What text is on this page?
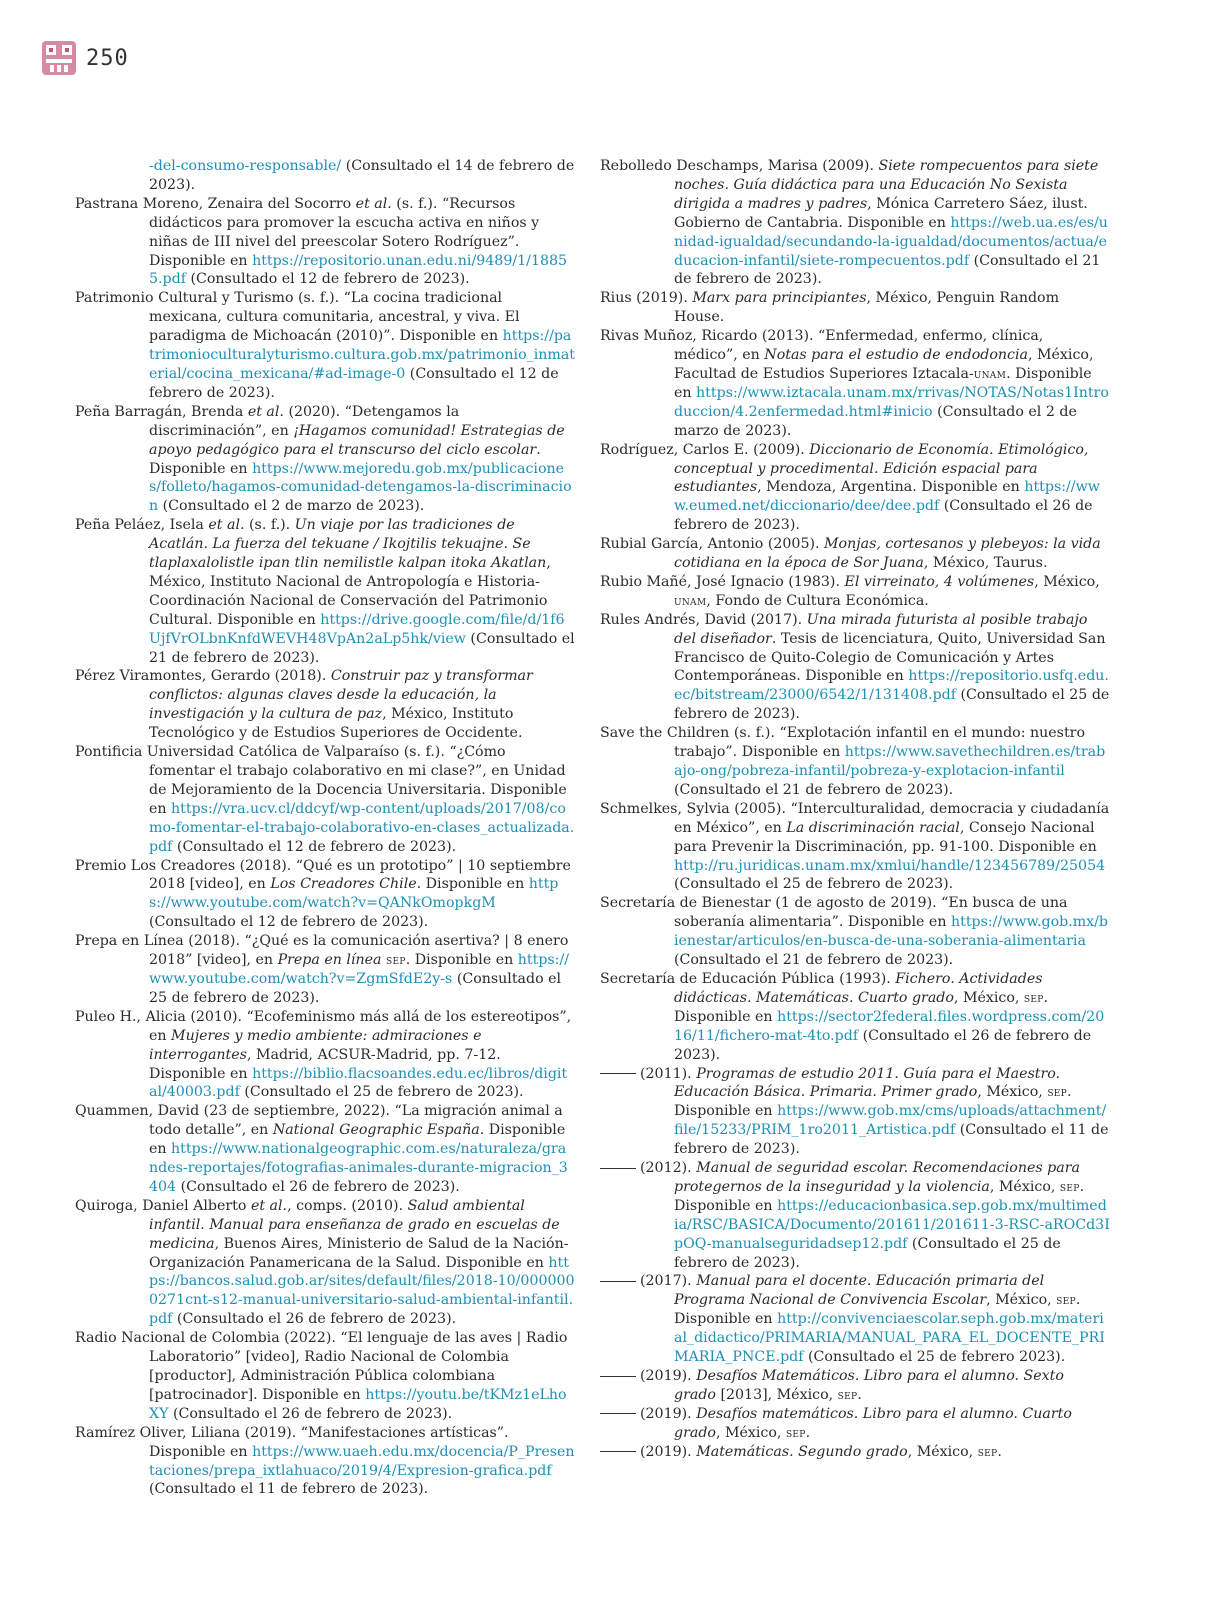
250

-del-consumo-responsable/ (Consultado el 14 de febrero de 2023).

Pastrana Moreno, Zenaira del Socorro et al. (s. f.). “Recursos didácticos para promover la escucha activa en niños y niñas de III nivel del preescolar Sotero Rodríguez”. Disponible en https://repositorio.unan.edu.ni/9489/1/18855.pdf (Consultado el 12 de febrero de 2023).

Patrimonio Cultural y Turismo (s. f.). “La cocina tradicional mexicana, cultura comunitaria, ancestral, y viva. El paradigma de Michoacán (2010)”. Disponible en https://patrimonioculturalyturismo.cultura.gob.mx/patrimonio_inmaterial/cocina_mexicana/#ad-image-0 (Consultado el 12 de febrero de 2023).

Peña Barragán, Brenda et al. (2020). “Detengamos la discriminación”, en ¡Hagamos comunidad! Estrategias de apoyo pedagógico para el transcurso del ciclo escolar. Disponible en https://www.mejoredu.gob.mx/publicaciones/folleto/hagamos-comunidad-detengamos-la-discriminacion (Consultado el 2 de marzo de 2023).

Peña Peláez, Isela et al. (s. f.). Un viaje por las tradiciones de Acatlán. La fuerza del tekuane / Ikojtilis tekuajne. Se tlaplaxalolistle ipan tlin nemilistle kalpan itoka Akatlan, México, Instituto Nacional de Antropología e Historia-Coordinación Nacional de Conservación del Patrimonio Cultural. Disponible en https://drive.google.com/file/d/1f6UjfVrOLbnKnfdWEVH48VpAn2aLp5hk/view (Consultado el 21 de febrero de 2023).

Pérez Viramontes, Gerardo (2018). Construir paz y transformar conflictos: algunas claves desde la educación, la investigación y la cultura de paz, México, Instituto Tecnológico y de Estudios Superiores de Occidente.

Pontificia Universidad Católica de Valparaíso (s. f.). “¿Cómo fomentar el trabajo colaborativo en mi clase?”, en Unidad de Mejoramiento de la Docencia Universitaria. Disponible en https://vra.ucv.cl/ddcyf/wp-content/uploads/2017/08/como-fomentar-el-trabajo-colaborativo-en-clases_actualizada.pdf (Consultado el 12 de febrero de 2023).

Premio Los Creadores (2018). “Qué es un prototipo” | 10 septiembre 2018 [video], en Los Creadores Chile. Disponible en https://www.youtube.com/watch?v=QANkOmopkgM (Consultado el 12 de febrero de 2023).

Prepa en Línea (2018). “¿Qué es la comunicación asertiva? | 8 enero 2018” [video], en Prepa en línea sep. Disponible en https://www.youtube.com/watch?v=ZgmSfdE2y-s (Consultado el 25 de febrero de 2023).

Puleo H., Alicia (2010). “Ecofeminismo más allá de los estereotipos”, en Mujeres y medio ambiente: admiraciones e interrogantes, Madrid, ACSUR-Madrid, pp. 7-12. Disponible en https://biblio.flacsoandes.edu.ec/libros/digital/40003.pdf (Consultado el 25 de febrero de 2023).

Quammen, David (23 de septiembre, 2022). “La migración animal a todo detalle”, en National Geographic España. Disponible en https://www.nationalgeographic.com.es/naturaleza/grandes-reportajes/fotografias-animales-durante-migracion_3404 (Consultado el 26 de febrero de 2023).

Quiroga, Daniel Alberto et al., comps. (2010). Salud ambiental infantil. Manual para enseñanza de grado en escuelas de medicina, Buenos Aires, Ministerio de Salud de la Nación-Organización Panamericana de la Salud. Disponible en https://bancos.salud.gob.ar/sites/default/files/2018-10/0000000271cnt-s12-manual-universitario-salud-ambiental-infantil.pdf (Consultado el 26 de febrero de 2023).

Radio Nacional de Colombia (2022). “El lenguaje de las aves | Radio Laboratorio” [video], Radio Nacional de Colombia [productor], Administración Pública colombiana [patrocinador]. Disponible en https://youtu.be/tKMz1eLhoXY (Consultado el 26 de febrero de 2023).

Ramírez Oliver, Liliana (2019). “Manifestaciones artísticas”. Disponible en https://www.uaeh.edu.mx/docencia/P_Presentaciones/prepa_ixtlahuaco/2019/4/Expresion-grafica.pdf (Consultado el 11 de febrero de 2023).

Rebolledo Deschamps, Marisa (2009). Siete rompecuentos para siete noches. Guía didáctica para una Educación No Sexista dirigida a madres y padres, Mónica Carretero Sáez, ilust. Gobierno de Cantabria. Disponible en https://web.ua.es/es/unidad-igualdad/secundando-la-igualdad/documentos/actua/educacion-infantil/siete-rompecuentos.pdf (Consultado el 21 de febrero de 2023).

Rius (2019). Marx para principiantes, México, Penguin Random House.

Rivas Muñoz, Ricardo (2013). “Enfermedad, enfermo, clínica, médico”, en Notas para el estudio de endodoncia, México, Facultad de Estudios Superiores Iztacala-unam. Disponible en https://www.iztacala.unam.mx/rrivas/NOTAS/Notas1Introduccion/4.2enfermedad.html#inicio (Consultado el 2 de marzo de 2023).

Rodríguez, Carlos E. (2009). Diccionario de Economía. Etimológico, conceptual y procedimental. Edición espacial para estudiantes, Mendoza, Argentina. Disponible en https://www.eumed.net/diccionario/dee/dee.pdf (Consultado el 26 de febrero de 2023).

Rubial García, Antonio (2005). Monjas, cortesanos y plebeyos: la vida cotidiana en la época de Sor Juana, México, Taurus.

Rubio Mañé, José Ignacio (1983). El virreinato, 4 volúmenes, México, unam, Fondo de Cultura Económica.

Rules Andrés, David (2017). Una mirada futurista al posible trabajo del diseñador. Tesis de licenciatura, Quito, Universidad San Francisco de Quito-Colegio de Comunicación y Artes Contemporáneas. Disponible en https://repositorio.usfq.edu.ec/bitstream/23000/6542/1/131408.pdf (Consultado el 25 de febrero de 2023).

Save the Children (s. f.). “Explotación infantil en el mundo: nuestro trabajo”. Disponible en https://www.savethechildren.es/trabajo-ong/pobreza-infantil/pobreza-y-explotacion-infantil (Consultado el 21 de febrero de 2023).

Schmelkes, Sylvia (2005). “Interculturalidad, democracia y ciudadanía en México”, en La discriminación racial, Consejo Nacional para Prevenir la Discriminación, pp. 91-100. Disponible en http://ru.juridicas.unam.mx/xmlui/handle/123456789/25054 (Consultado el 25 de febrero de 2023).

Secretaría de Bienestar (1 de agosto de 2019). “En busca de una soberanía alimentaria”. Disponible en https://www.gob.mx/bienestar/articulos/en-busca-de-una-soberania-alimentaria (Consultado el 21 de febrero de 2023).

Secretaría de Educación Pública (1993). Fichero. Actividades didácticas. Matemáticas. Cuarto grado, México, sep. Disponible en https://sector2federal.files.wordpress.com/2016/11/fichero-mat-4to.pdf (Consultado el 26 de febrero de 2023).

(2011). Programas de estudio 2011. Guía para el Maestro. Educación Básica. Primaria. Primer grado, México, sep. Disponible en https://www.gob.mx/cms/uploads/attachment/file/15233/PRIM_1ro2011_Artistica.pdf (Consultado el 11 de febrero de 2023).

(2012). Manual de seguridad escolar. Recomendaciones para protegernos de la inseguridad y la violencia, México, sep. Disponible en https://educacionbasica.sep.gob.mx/multimedia/RSC/BASICA/Documento/201611/201611-3-RSC-aROCd3IpOQ-manualseguridadsep12.pdf (Consultado el 25 de febrero de 2023).

(2017). Manual para el docente. Educación primaria del Programa Nacional de Convivencia Escolar, México, sep. Disponible en http://convivenciaescolar.seph.gob.mx/material_didactico/PRIMARIA/MANUAL_PARA_EL_DOCENTE_PRIMARIA_PNCE.pdf (Consultado el 25 de febrero 2023).

(2019). Desafíos Matemáticos. Libro para el alumno. Sexto grado [2013], México, sep.

(2019). Desafíos matemáticos. Libro para el alumno. Cuarto grado, México, sep.

(2019). Matemáticas. Segundo grado, México, sep.
